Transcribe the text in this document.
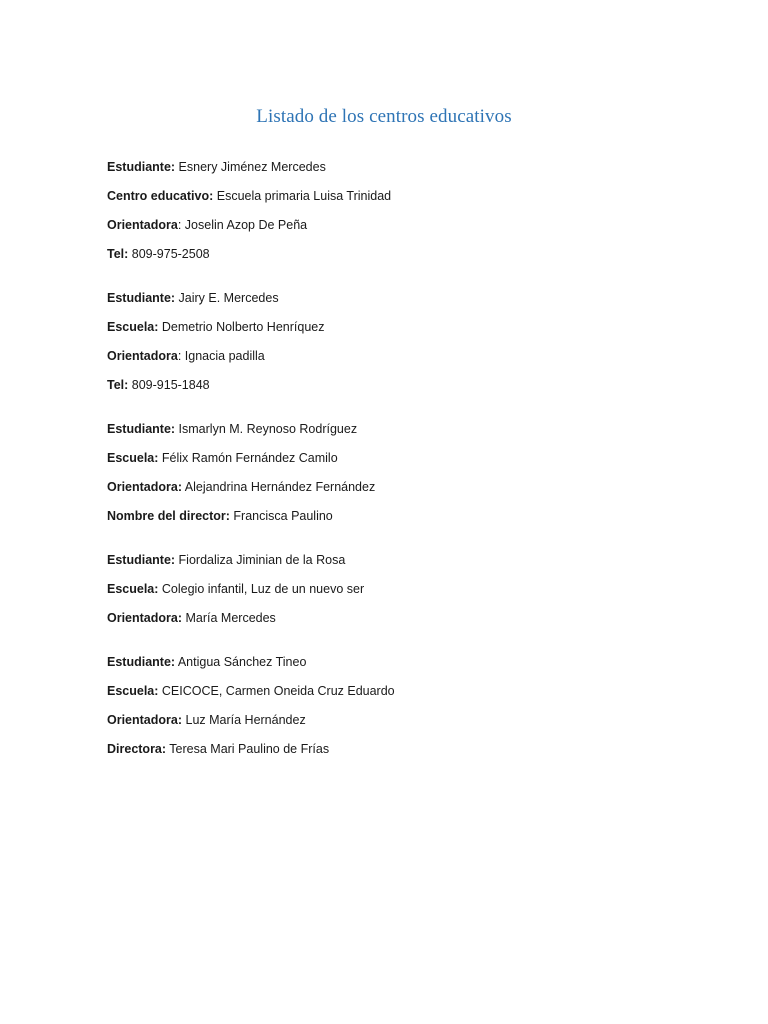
Listado de los centros educativos
Estudiante: Esnery Jiménez Mercedes
Centro educativo: Escuela primaria Luisa Trinidad
Orientadora: Joselin Azop De Peña
Tel: 809-975-2508
Estudiante: Jairy E. Mercedes
Escuela: Demetrio Nolberto Henríquez
Orientadora: Ignacia padilla
Tel: 809-915-1848
Estudiante: Ismarlyn M. Reynoso Rodríguez
Escuela: Félix Ramón Fernández Camilo
Orientadora: Alejandrina Hernández Fernández
Nombre del director: Francisca Paulino
Estudiante: Fiordaliza Jiminian de la Rosa
Escuela: Colegio infantil, Luz de un nuevo ser
Orientadora: María Mercedes
Estudiante: Antigua Sánchez Tineo
Escuela: CEICOCE, Carmen Oneida Cruz Eduardo
Orientadora: Luz María Hernández
Directora: Teresa Mari Paulino de Frías
